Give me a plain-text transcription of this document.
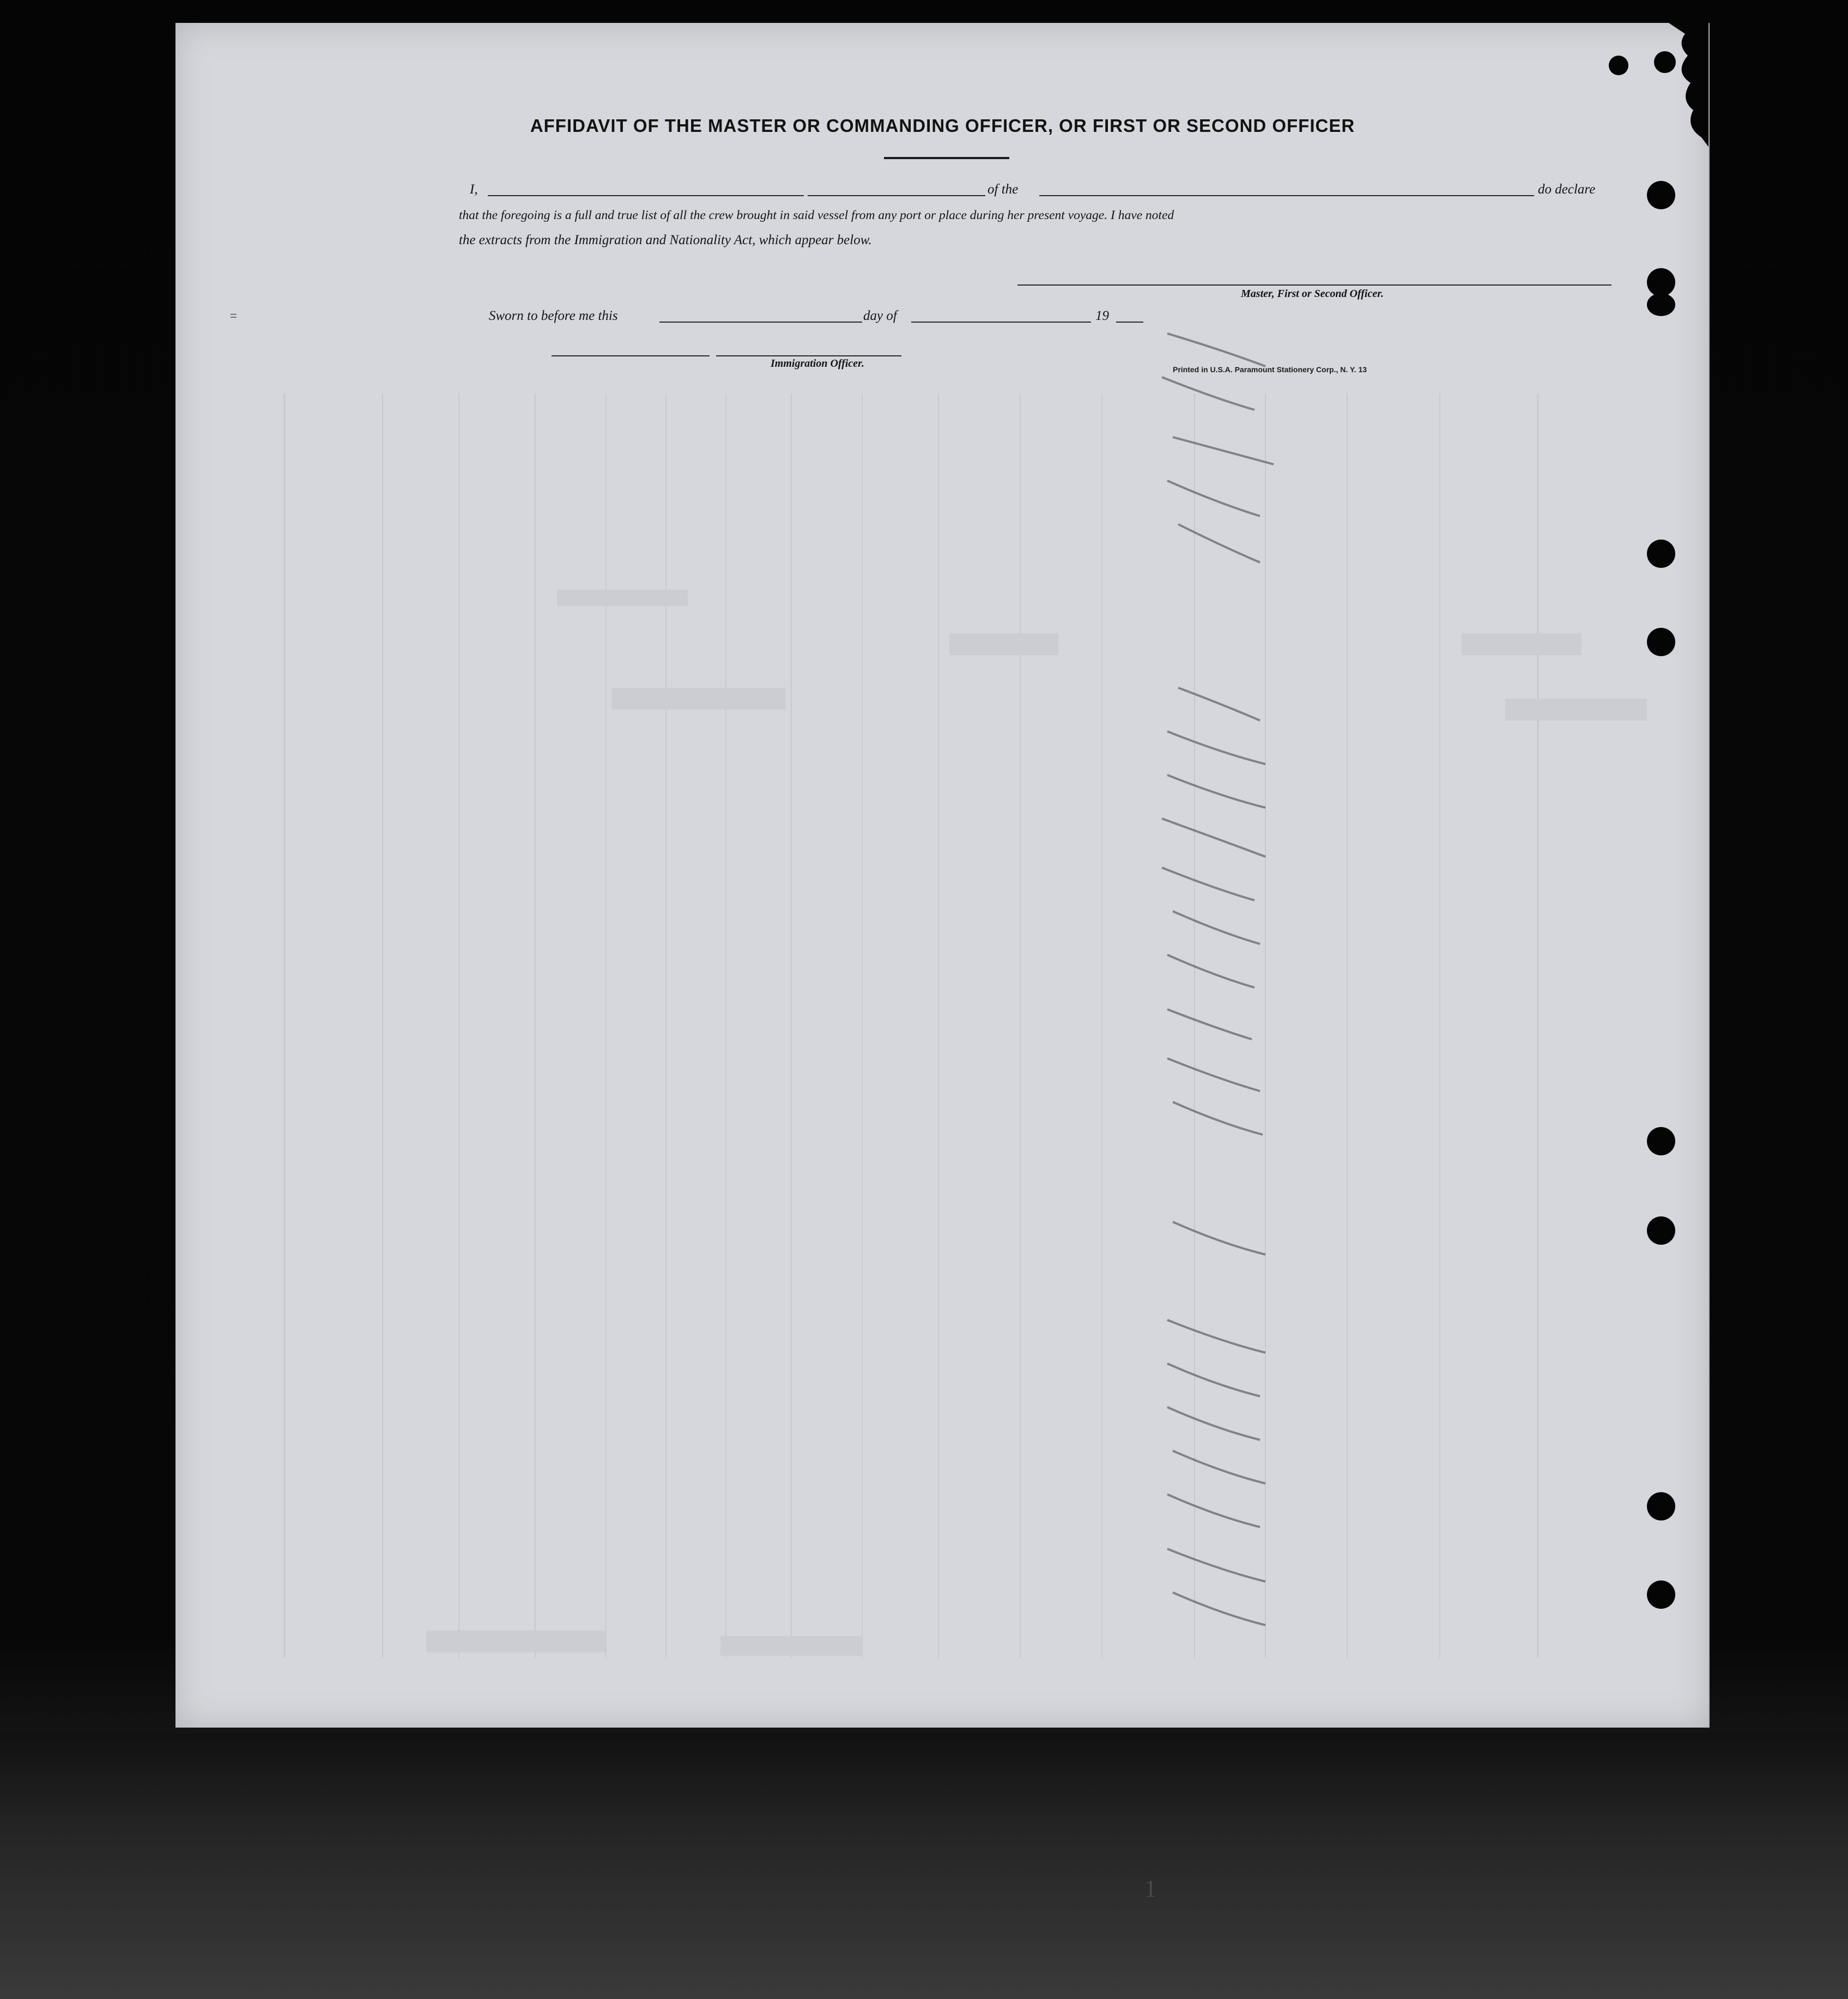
AFFIDAVIT OF THE MASTER OR COMMANDING OFFICER, OR FIRST OR SECOND OFFICER
I,	of the	do declare
that the foregoing is a full and true list of all the crew brought in said vessel from any port or place during her present voyage. I have noted
the extracts from the Immigration and Nationality Act, which appear below.
Master, First or Second Officer.
Sworn to before me this	day of	19
Immigration Officer.	Printed in U.S.A. Paramount Stationery Corp., N. Y. 13
=
1
